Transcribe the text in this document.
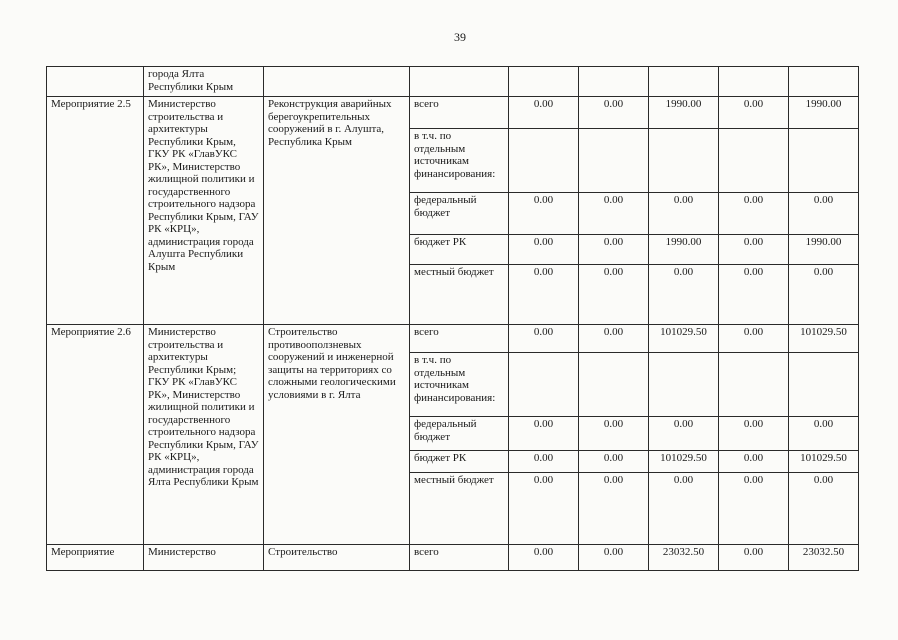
39
	города Ялта Республики Крым							
Мероприятие 2.5	Министерство строительства и архитектуры Республики Крым, ГКУ РК «ГлавУКС РК», Министерство жилищной политики и государственного строительного надзора Республики Крым, ГАУ РК «КРЦ», администрация города Алушта Республики Крым	Реконструкция аварийных берегоукрепительных сооружений в г. Алушта, Республика Крым	всего	0.00	0.00	1990.00	0.00	1990.00
			в т.ч. по отдельным источникам финансирования:					
			федеральный бюджет	0.00	0.00	0.00	0.00	0.00
			бюджет РК	0.00	0.00	1990.00	0.00	1990.00
			местный бюджет	0.00	0.00	0.00	0.00	0.00
Мероприятие 2.6	Министерство строительства и архитектуры Республики Крым; ГКУ РК «ГлавУКС РК», Министерство жилищной политики и государственного строительного надзора Республики Крым, ГАУ РК «КРЦ», администрация города Ялта Республики Крым	Строительство противооползневых сооружений и инженерной защиты на территориях со сложными геологическими условиями в г. Ялта	всего	0.00	0.00	101029.50	0.00	101029.50
			в т.ч. по отдельным источникам финансирования:					
			федеральный бюджет	0.00	0.00	0.00	0.00	0.00
			бюджет РК	0.00	0.00	101029.50	0.00	101029.50
			местный бюджет	0.00	0.00	0.00	0.00	0.00
Мероприятие	Министерство	Строительство	всего	0.00	0.00	23032.50	0.00	23032.50
